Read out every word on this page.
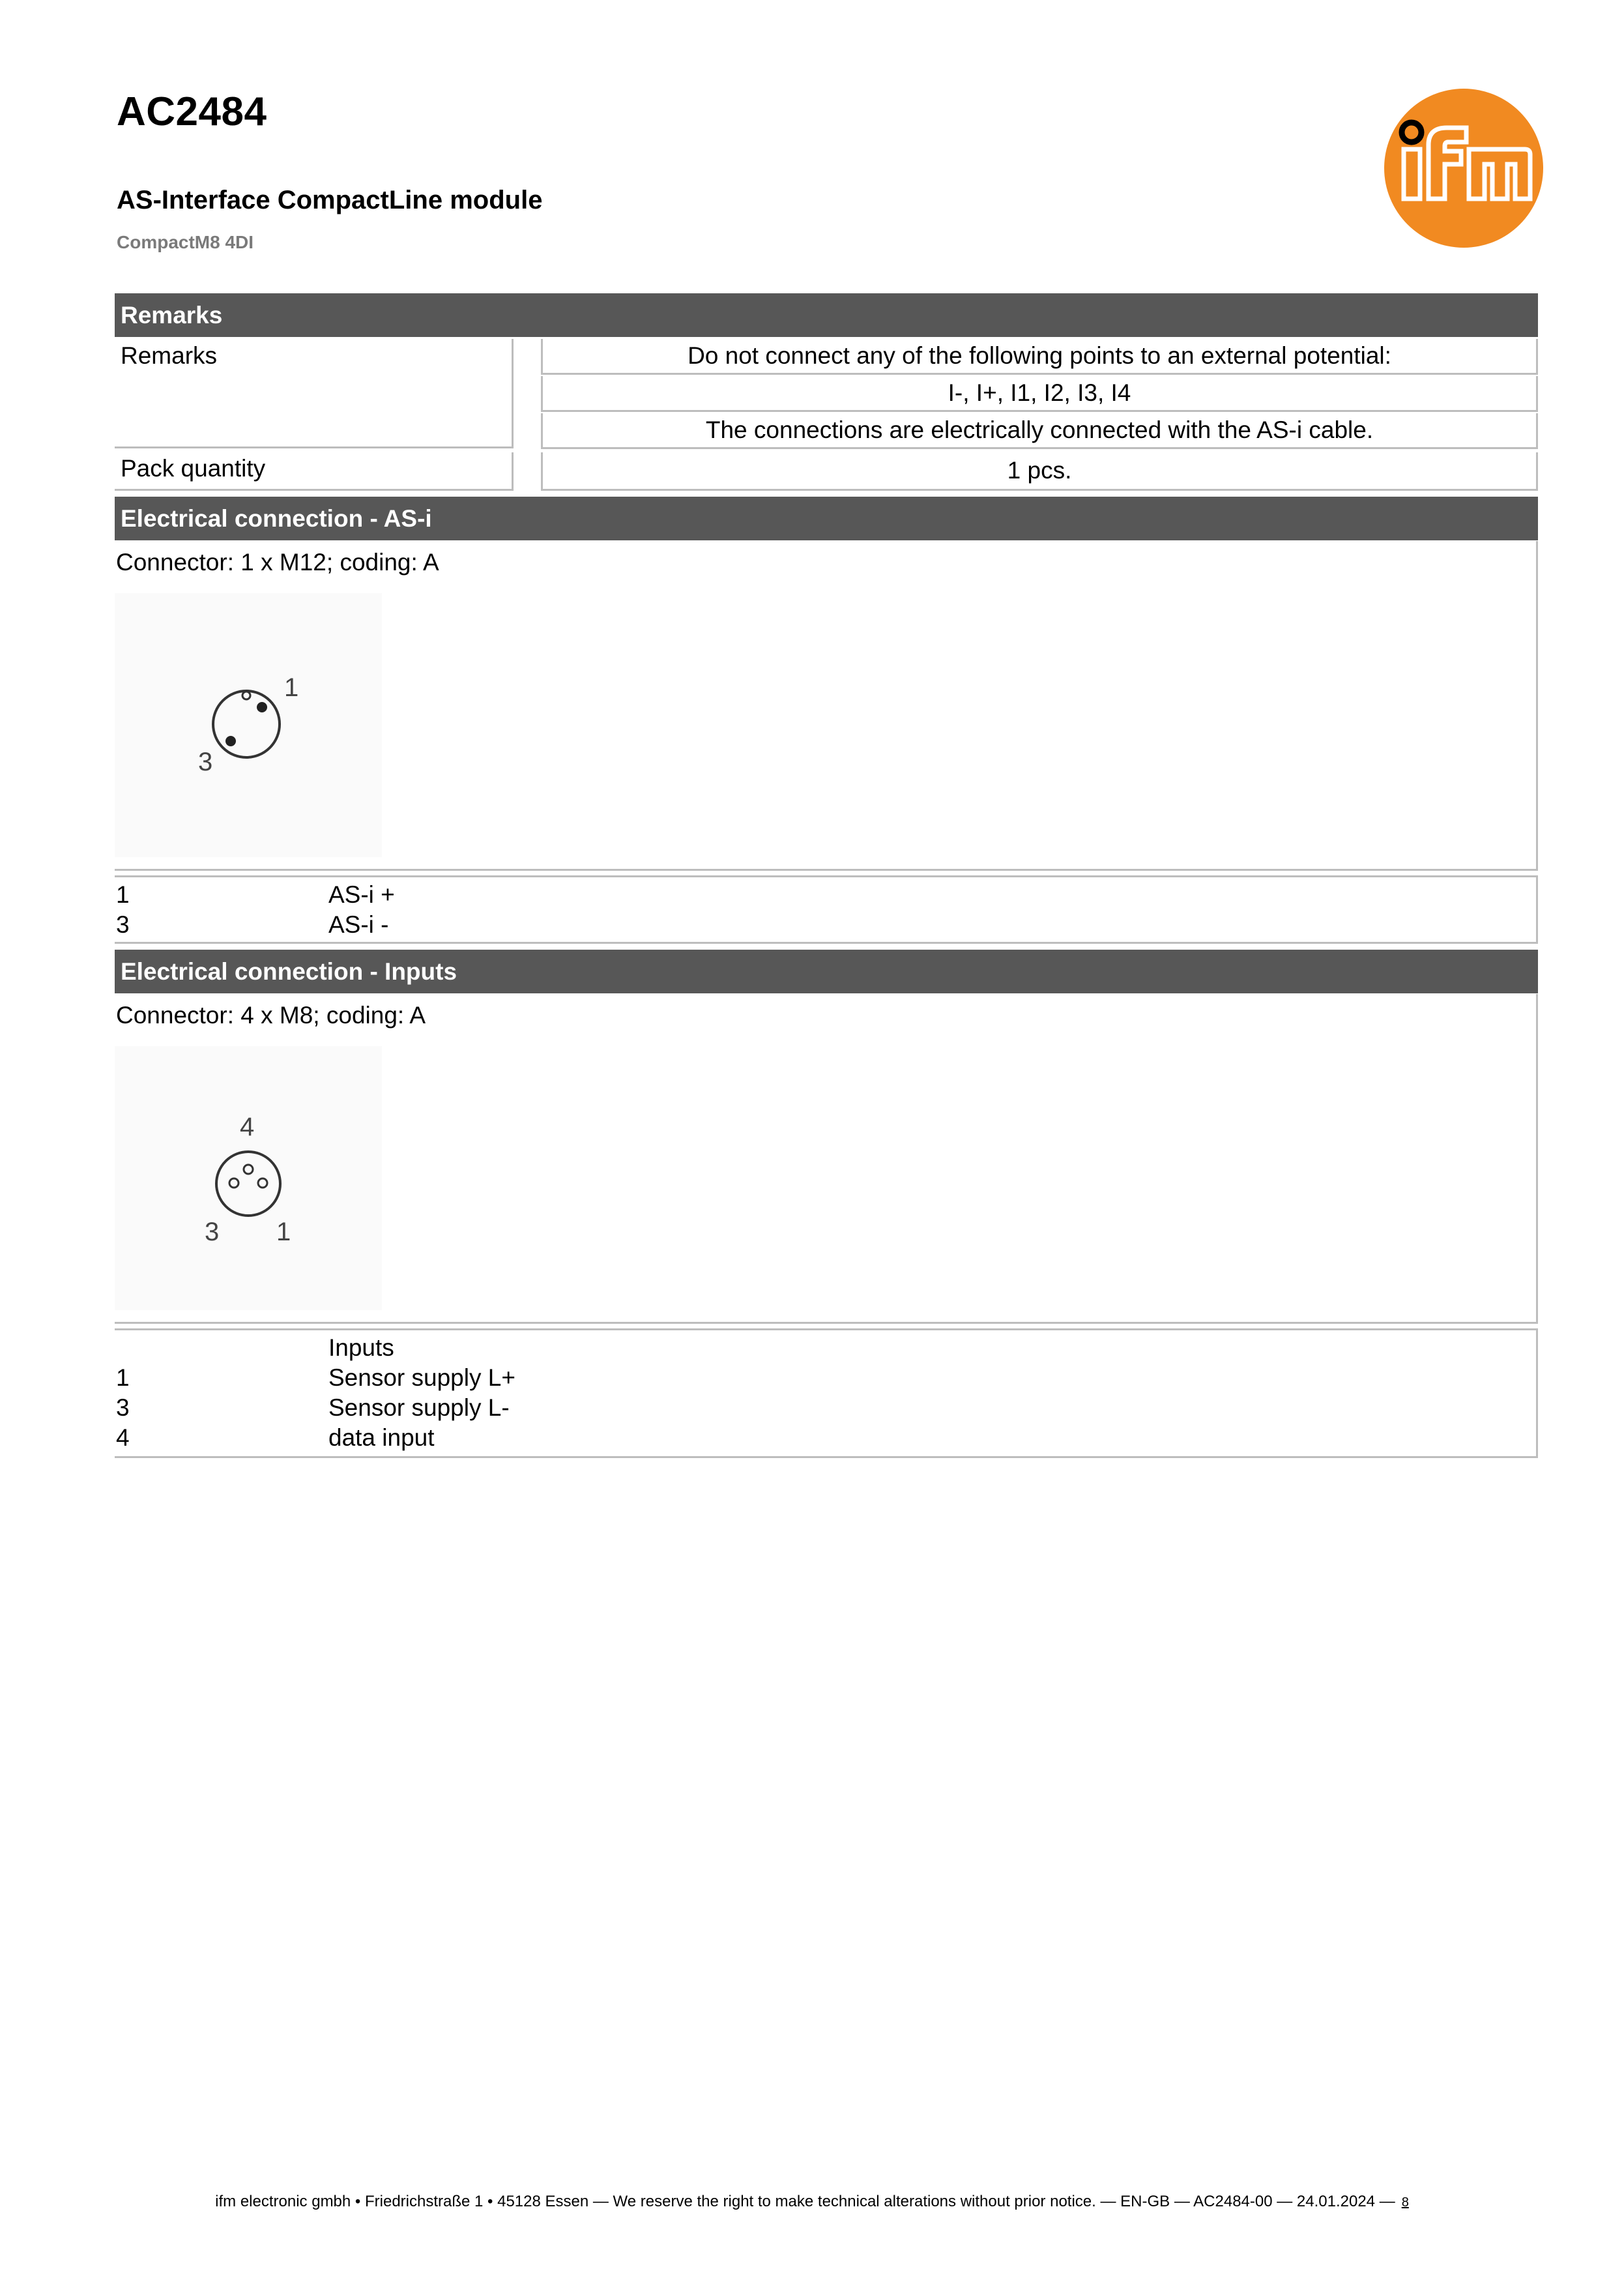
AC2484
AS-Interface CompactLine module
CompactM8 4DI	ifm
Remarks
Remarks	Do not connect any of the following points to an external potential:
I-, I+, I1, I2, I3, I4
The connections are electrically connected with the AS-i cable.
Pack quantity	1 pcs.
Electrical connection - AS-i
Connector: 1 x M12; coding: A
1
3
1	AS-i +
3	AS-i -
Electrical connection - Inputs
Connector: 4 x M8; coding: A
4
3 1
Inputs
1	Sensor supply L+
3	Sensor supply L-
4	data input
ifm electronic gmbh • Friedrichstraße 1 • 45128 Essen — We reserve the right to make technical alterations without prior notice. — EN-GB — AC2484-00 — 24.01.2024 — 8
